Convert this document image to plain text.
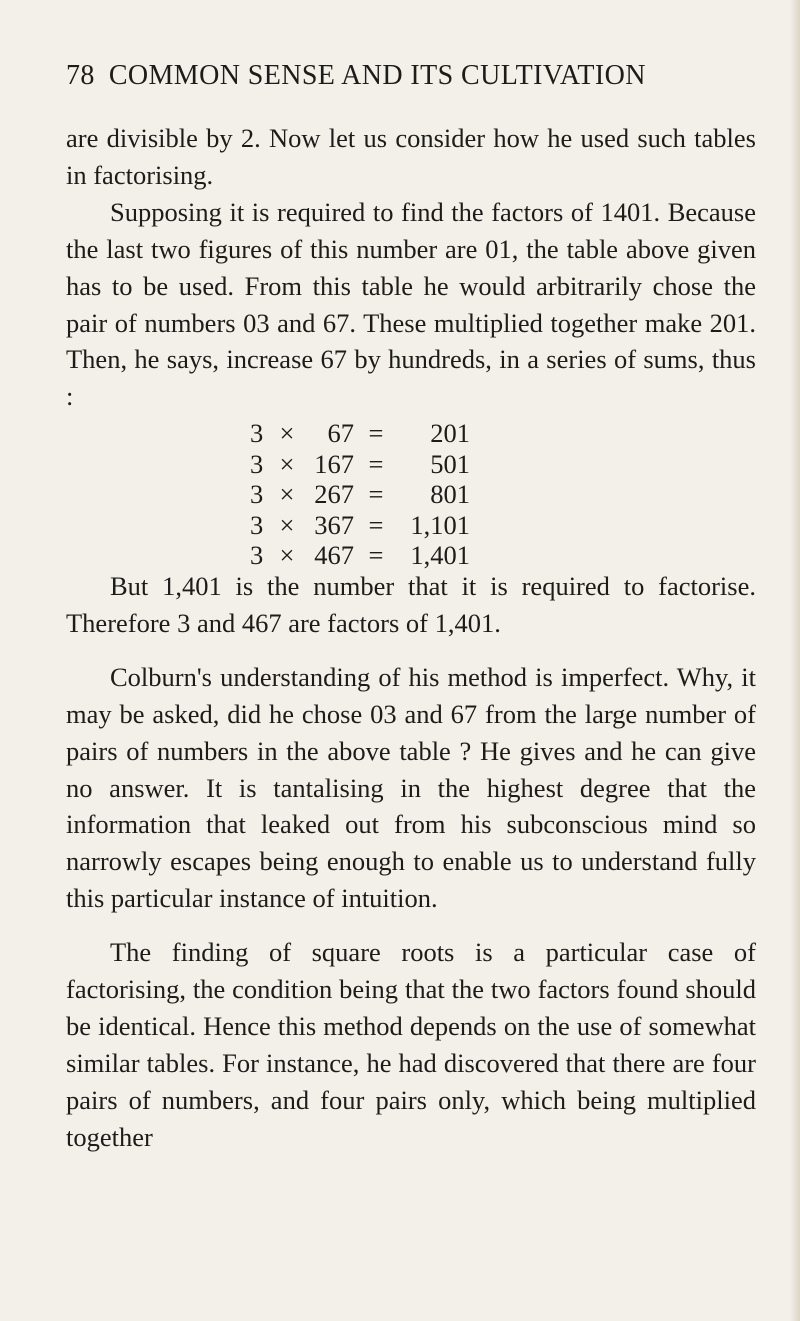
78 COMMON SENSE AND ITS CULTIVATION

are divisible by 2. Now let us consider how he used such tables in factorising.

Supposing it is required to find the factors of 1401. Because the last two figures of this number are 01, the table above given has to be used. From this table he would arbitrarily chose the pair of numbers 03 and 67. These multiplied together make 201. Then, he says, increase 67 by hundreds, in a series of sums, thus :

3 ×	67 =	201
3 × 167 =	501
3 × 267 =	801
3 × 367 =	1,101
3 × 467 =	1,401

But 1,401 is the number that it is required to factorise. Therefore 3 and 467 are factors of 1,401.

Colburn's understanding of his method is imperfect. Why, it may be asked, did he chose 03 and 67 from the large number of pairs of numbers in the above table ? He gives and he can give no answer. It is tantalising in the highest degree that the information that leaked out from his subconscious mind so narrowly escapes being enough to enable us to understand fully this particular instance of intuition.

The finding of square roots is a particular case of factorising, the condition being that the two factors found should be identical. Hence this method depends on the use of somewhat similar tables. For instance, he had discovered that there are four pairs of numbers, and four pairs only, which being multiplied together
